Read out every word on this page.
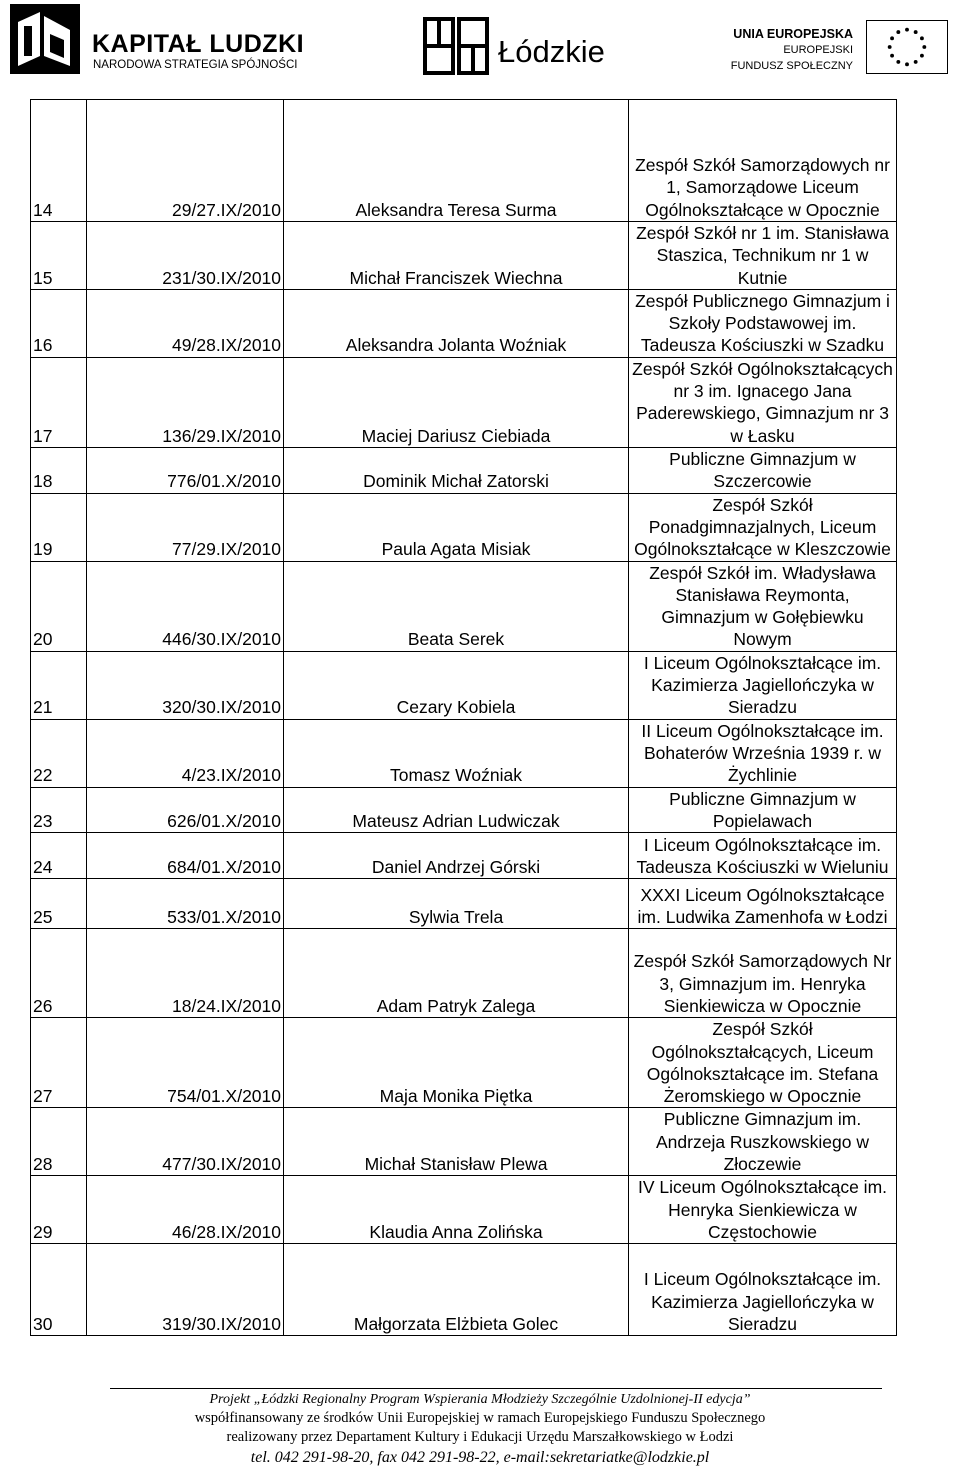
KAPITAŁ LUDZKI
NARODOWA STRATEGIA SPÓJNOŚCI	Łódzkie	UNIA EUROPEJSKA
EUROPEJSKI
FUNDUSZ SPOŁECZNY
14	29/27.IX/2010	Aleksandra Teresa Surma	Zespół Szkół Samorządowych nr 1, Samorządowe Liceum Ogólnokształcące w Opocznie
15	231/30.IX/2010	Michał Franciszek Wiechna	Zespół Szkół nr 1 im. Stanisława Staszica, Technikum nr 1 w Kutnie
16	49/28.IX/2010	Aleksandra Jolanta Woźniak	Zespół Publicznego Gimnazjum i Szkoły Podstawowej im. Tadeusza Kościuszki w Szadku
17	136/29.IX/2010	Maciej Dariusz Ciebiada	Zespół Szkół Ogólnokształcących nr 3 im. Ignacego Jana Paderewskiego, Gimnazjum nr 3 w Łasku
18	776/01.X/2010	Dominik Michał Zatorski	Publiczne Gimnazjum w Szczercowie
19	77/29.IX/2010	Paula Agata Misiak	Zespół Szkół Ponadgimnazjalnych, Liceum Ogólnokształcące w Kleszczowie
20	446/30.IX/2010	Beata Serek	Zespół Szkół im. Władysława Stanisława Reymonta, Gimnazjum w Gołębiewku Nowym
21	320/30.IX/2010	Cezary Kobiela	I Liceum Ogólnokształcące im. Kazimierza Jagiellończyka w Sieradzu
22	4/23.IX/2010	Tomasz Woźniak	II Liceum Ogólnokształcące im. Bohaterów Września 1939 r. w Żychlinie
23	626/01.X/2010	Mateusz Adrian Ludwiczak	Publiczne Gimnazjum w Popielawach
24	684/01.X/2010	Daniel Andrzej Górski	I Liceum Ogólnokształcące im. Tadeusza Kościuszki w Wieluniu
25	533/01.X/2010	Sylwia Trela	XXXI Liceum Ogólnokształcące im. Ludwika Zamenhofa w Łodzi
26	18/24.IX/2010	Adam Patryk Zalega	Zespół Szkół Samorządowych Nr 3, Gimnazjum im. Henryka Sienkiewicza w Opocznie
27	754/01.X/2010	Maja Monika Piętka	Zespół Szkół Ogólnokształcących, Liceum Ogólnokształcące im. Stefana Żeromskiego w Opocznie
28	477/30.IX/2010	Michał Stanisław Plewa	Publiczne Gimnazjum im. Andrzeja Ruszkowskiego w Złoczewie
29	46/28.IX/2010	Klaudia Anna Zolińska	IV Liceum Ogólnokształcące im. Henryka Sienkiewicza w Częstochowie
30	319/30.IX/2010	Małgorzata Elżbieta Golec	I Liceum Ogólnokształcące im. Kazimierza Jagiellończyka w Sieradzu
Projekt „Łódzki Regionalny Program Wspierania Młodzieży Szczególnie Uzdolnionej-II edycja”
współfinansowany ze środków Unii Europejskiej w ramach Europejskiego Funduszu Społecznego
realizowany przez Departament Kultury i Edukacji Urzędu Marszałkowskiego w Łodzi
tel. 042 291-98-20, fax 042 291-98-22, e-mail:sekretariatke@lodzkie.pl
